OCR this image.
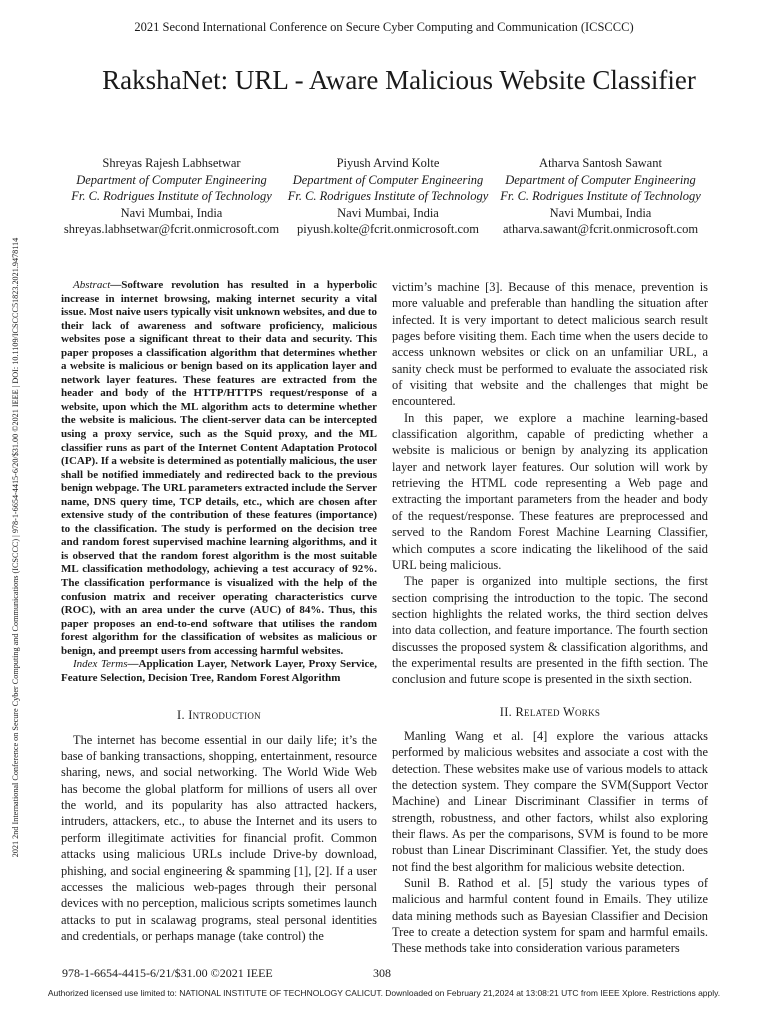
2021 Second International Conference on Secure Cyber Computing and Communication (ICSCCC)
2021 2nd International Conference on Secure Cyber Computing and Communications (ICSCCC) | 978-1-6654-4415-6/20/$31.00 ©2021 IEEE | DOI: 10.1109/ICSCCC51823.2021.9478114
RakshaNet: URL - Aware Malicious Website Classifier
Shreyas Rajesh Labhsetwar
Department of Computer Engineering
Fr. C. Rodrigues Institute of Technology
Navi Mumbai, India
shreyas.labhsetwar@fcrit.onmicrosoft.com
Piyush Arvind Kolte
Department of Computer Engineering
Fr. C. Rodrigues Institute of Technology
Navi Mumbai, India
piyush.kolte@fcrit.onmicrosoft.com
Atharva Santosh Sawant
Department of Computer Engineering
Fr. C. Rodrigues Institute of Technology
Navi Mumbai, India
atharva.sawant@fcrit.onmicrosoft.com

Abstract—Software revolution has resulted in a hyperbolic increase in internet browsing, making internet security a vital issue. Most naive users typically visit unknown websites, and due to their lack of awareness and software proficiency, malicious websites pose a significant threat to their data and security. This paper proposes a classification algorithm that determines whether a website is malicious or benign based on its application layer and network layer features. These features are extracted from the header and body of the HTTP/HTTPS request/response of a website, upon which the ML algorithm acts to determine whether the website is malicious. The client-server data can be intercepted using a proxy service, such as the Squid proxy, and the ML classifier runs as part of the Internet Content Adaptation Protocol (ICAP). If a website is determined as potentially malicious, the user shall be notified immediately and redirected back to the previous benign webpage. The URL parameters extracted include the Server name, DNS query time, TCP details, etc., which are chosen after extensive study of the contribution of these features (importance) to the classification. The study is performed on the decision tree and random forest supervised machine learning algorithms, and it is observed that the random forest algorithm is the most suitable ML classification methodology, achieving a test accuracy of 92%. The classification performance is visualized with the help of the confusion matrix and receiver operating characteristics curve (ROC), with an area under the curve (AUC) of 84%. Thus, this paper proposes an end-to-end software that utilises the random forest algorithm for the classification of websites as malicious or benign, and preempt users from accessing harmful websites.

Index Terms—Application Layer, Network Layer, Proxy Service, Feature Selection, Decision Tree, Random Forest Algorithm

I. Introduction

The internet has become essential in our daily life; it’s the base of banking transactions, shopping, entertainment, resource sharing, news, and social networking. The World Wide Web has become the global platform for millions of users all over the world, and its popularity has also attracted hackers, intruders, attackers, etc., to abuse the Internet and its users to perform illegitimate activities for financial profit. Common attacks using malicious URLs include Drive-by download, phishing, and social engineering & spamming [1], [2]. If a user accesses the malicious web-pages through their personal devices with no perception, malicious scripts sometimes launch attacks to put in scalawag programs, steal personal identities and credentials, or perhaps manage (take control) the

victim’s machine [3]. Because of this menace, prevention is more valuable and preferable than handling the situation after infected. It is very important to detect malicious search result pages before visiting them. Each time when the users decide to access unknown websites or click on an unfamiliar URL, a sanity check must be performed to evaluate the associated risk of visiting that website and the challenges that might be encountered.

In this paper, we explore a machine learning-based classification algorithm, capable of predicting whether a website is malicious or benign by analyzing its application layer and network layer features. Our solution will work by retrieving the HTML code representing a Web page and extracting the important parameters from the header and body of the request/response. These features are preprocessed and served to the Random Forest Machine Learning Classifier, which computes a score indicating the likelihood of the said URL being malicious.

The paper is organized into multiple sections, the first section comprising the introduction to the topic. The second section highlights the related works, the third section delves into data collection, and feature importance. The fourth section discusses the proposed system & classification algorithms, and the experimental results are presented in the fifth section. The conclusion and future scope is presented in the sixth section.

II. Related Works

Manling Wang et al. [4] explore the various attacks performed by malicious websites and associate a cost with the detection. These websites make use of various models to attack the detection system. They compare the SVM(Support Vector Machine) and Linear Discriminant Classifier in terms of strength, robustness, and other factors, whilst also exploring their flaws. As per the comparisons, SVM is found to be more robust than Linear Discriminant Classifier. Yet, the study does not find the best algorithm for malicious website detection.

Sunil B. Rathod et al. [5] study the various types of malicious and harmful content found in Emails. They utilize data mining methods such as Bayesian Classifier and Decision Tree to create a detection system for spam and harmful emails. These methods take into consideration various parameters

978-1-6654-4415-6/21/$31.00 ©2021 IEEE	308
Authorized licensed use limited to: NATIONAL INSTITUTE OF TECHNOLOGY CALICUT. Downloaded on February 21,2024 at 13:08:21 UTC from IEEE Xplore. Restrictions apply.
